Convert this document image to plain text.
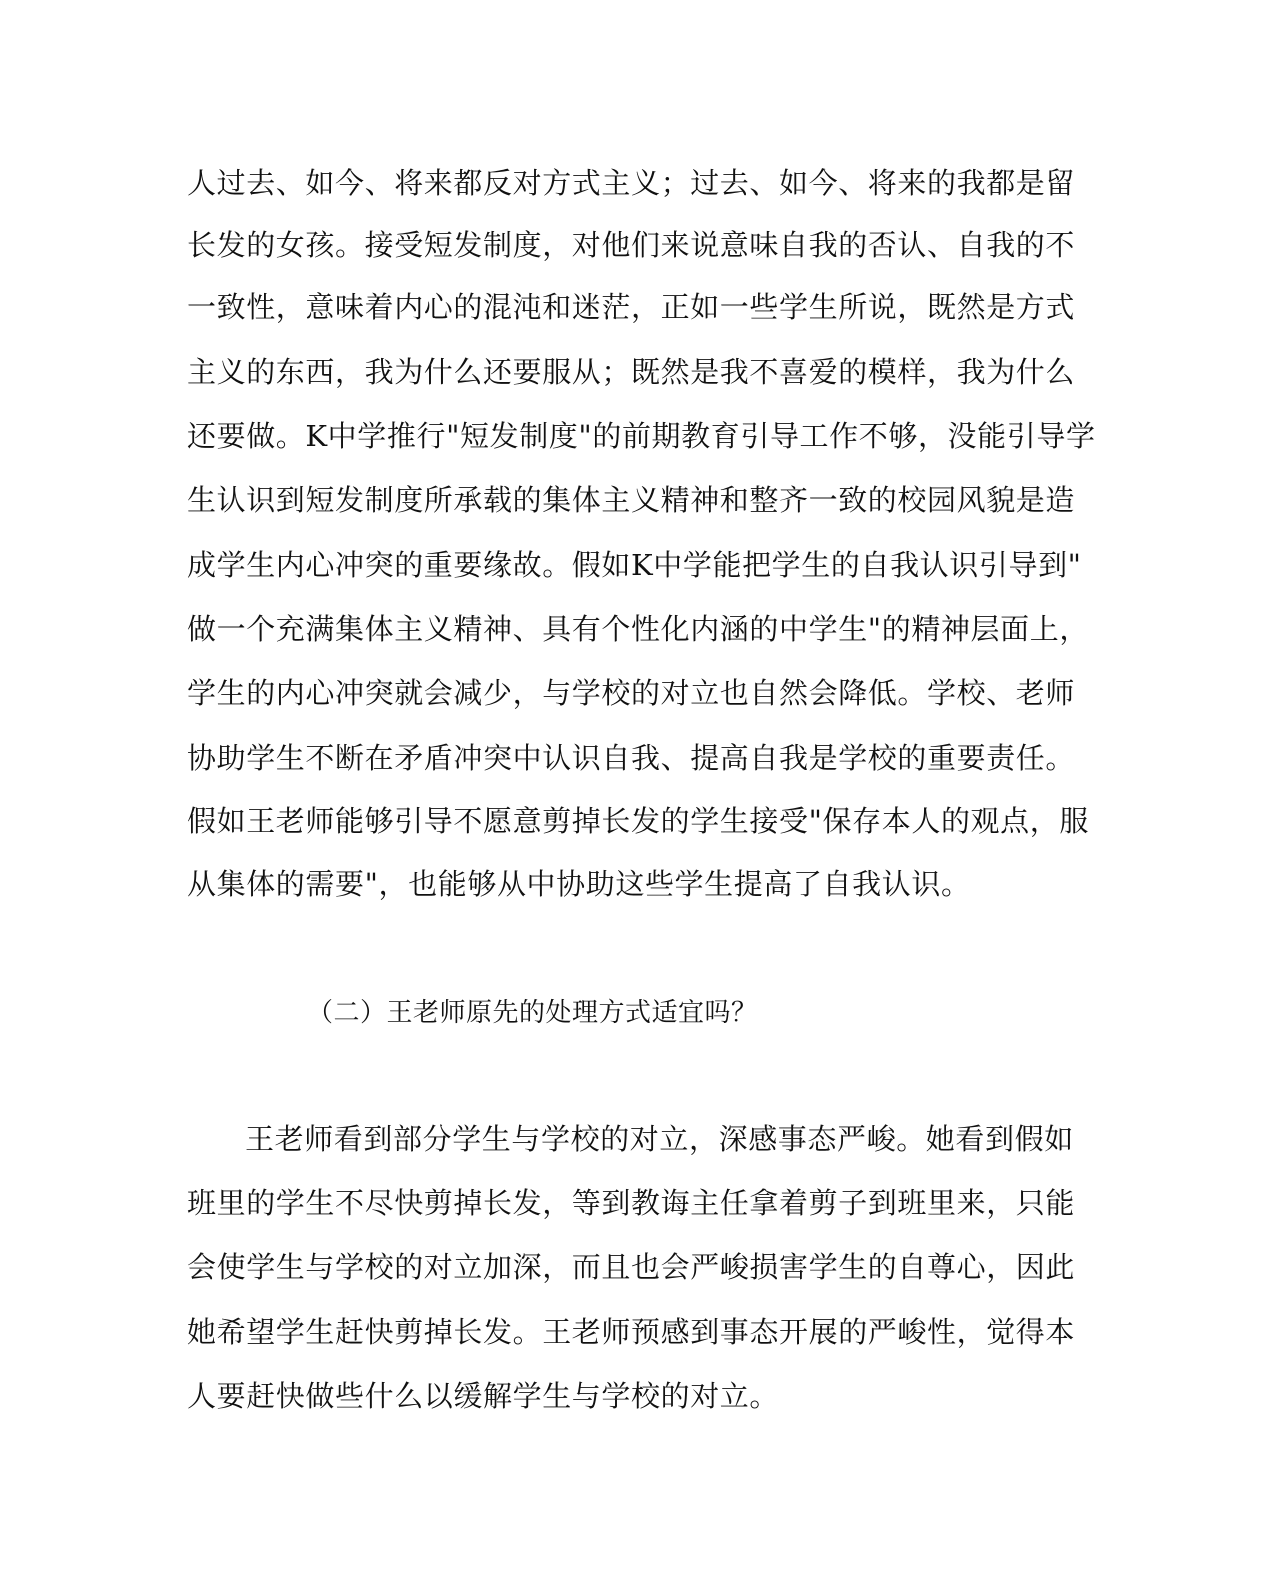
人过去、如今、将来都反对方式主义；过去、如今、将来的我都是留
长发的女孩。接受短发制度，对他们来说意味自我的否认、自我的不
一致性，意味着内心的混沌和迷茫，正如一些学生所说，既然是方式
主义的东西，我为什么还要服从；既然是我不喜爱的模样，我为什么
还要做。K中学推行"短发制度"的前期教育引导工作不够，没能引导学
生认识到短发制度所承载的集体主义精神和整齐一致的校园风貌是造
成学生内心冲突的重要缘故。假如K中学能把学生的自我认识引导到"
做一个充满集体主义精神、具有个性化内涵的中学生"的精神层面上，
学生的内心冲突就会减少，与学校的对立也自然会降低。学校、老师
协助学生不断在矛盾冲突中认识自我、提高自我是学校的重要责任。
假如王老师能够引导不愿意剪掉长发的学生接受"保存本人的观点，服
从集体的需要"，也能够从中协助这些学生提高了自我认识。
（二）王老师原先的处理方式适宜吗？
王老师看到部分学生与学校的对立，深感事态严峻。她看到假如
班里的学生不尽快剪掉长发，等到教诲主任拿着剪子到班里来，只能
会使学生与学校的对立加深，而且也会严峻损害学生的自尊心，因此
她希望学生赶快剪掉长发。王老师预感到事态开展的严峻性，觉得本
人要赶快做些什么以缓解学生与学校的对立。
